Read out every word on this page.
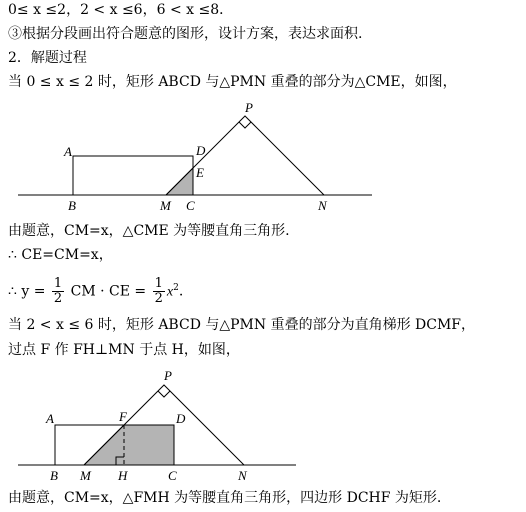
0≤ x ≤2，2 < x ≤6，6 < x ≤8．
③根据分段画出符合题意的图形，设计方案，表达求面积.
2．解题过程
当 0 ≤ x ≤ 2 时，矩形 ABCD 与△PMN 重叠的部分为△CME，如图，
P
A	D
E
B	M C	N
由题意，CM=x，△CME 为等腰直角三角形.
∴ CE=CM=x，
∴ $y = \frac{1}{2}$ CM · CE = $\frac{1}{2} x^2$.
当 2 < x ≤ 6 时，矩形 ABCD 与△PMN 重叠的部分为直角梯形 DCMF，
过点 F 作 FH⊥MN 于点 H，如图，
P
A	F	D
B M H	C	N
由题意，CM=x，△FMH 为等腰直角三角形，四边形 DCHF 为矩形.
